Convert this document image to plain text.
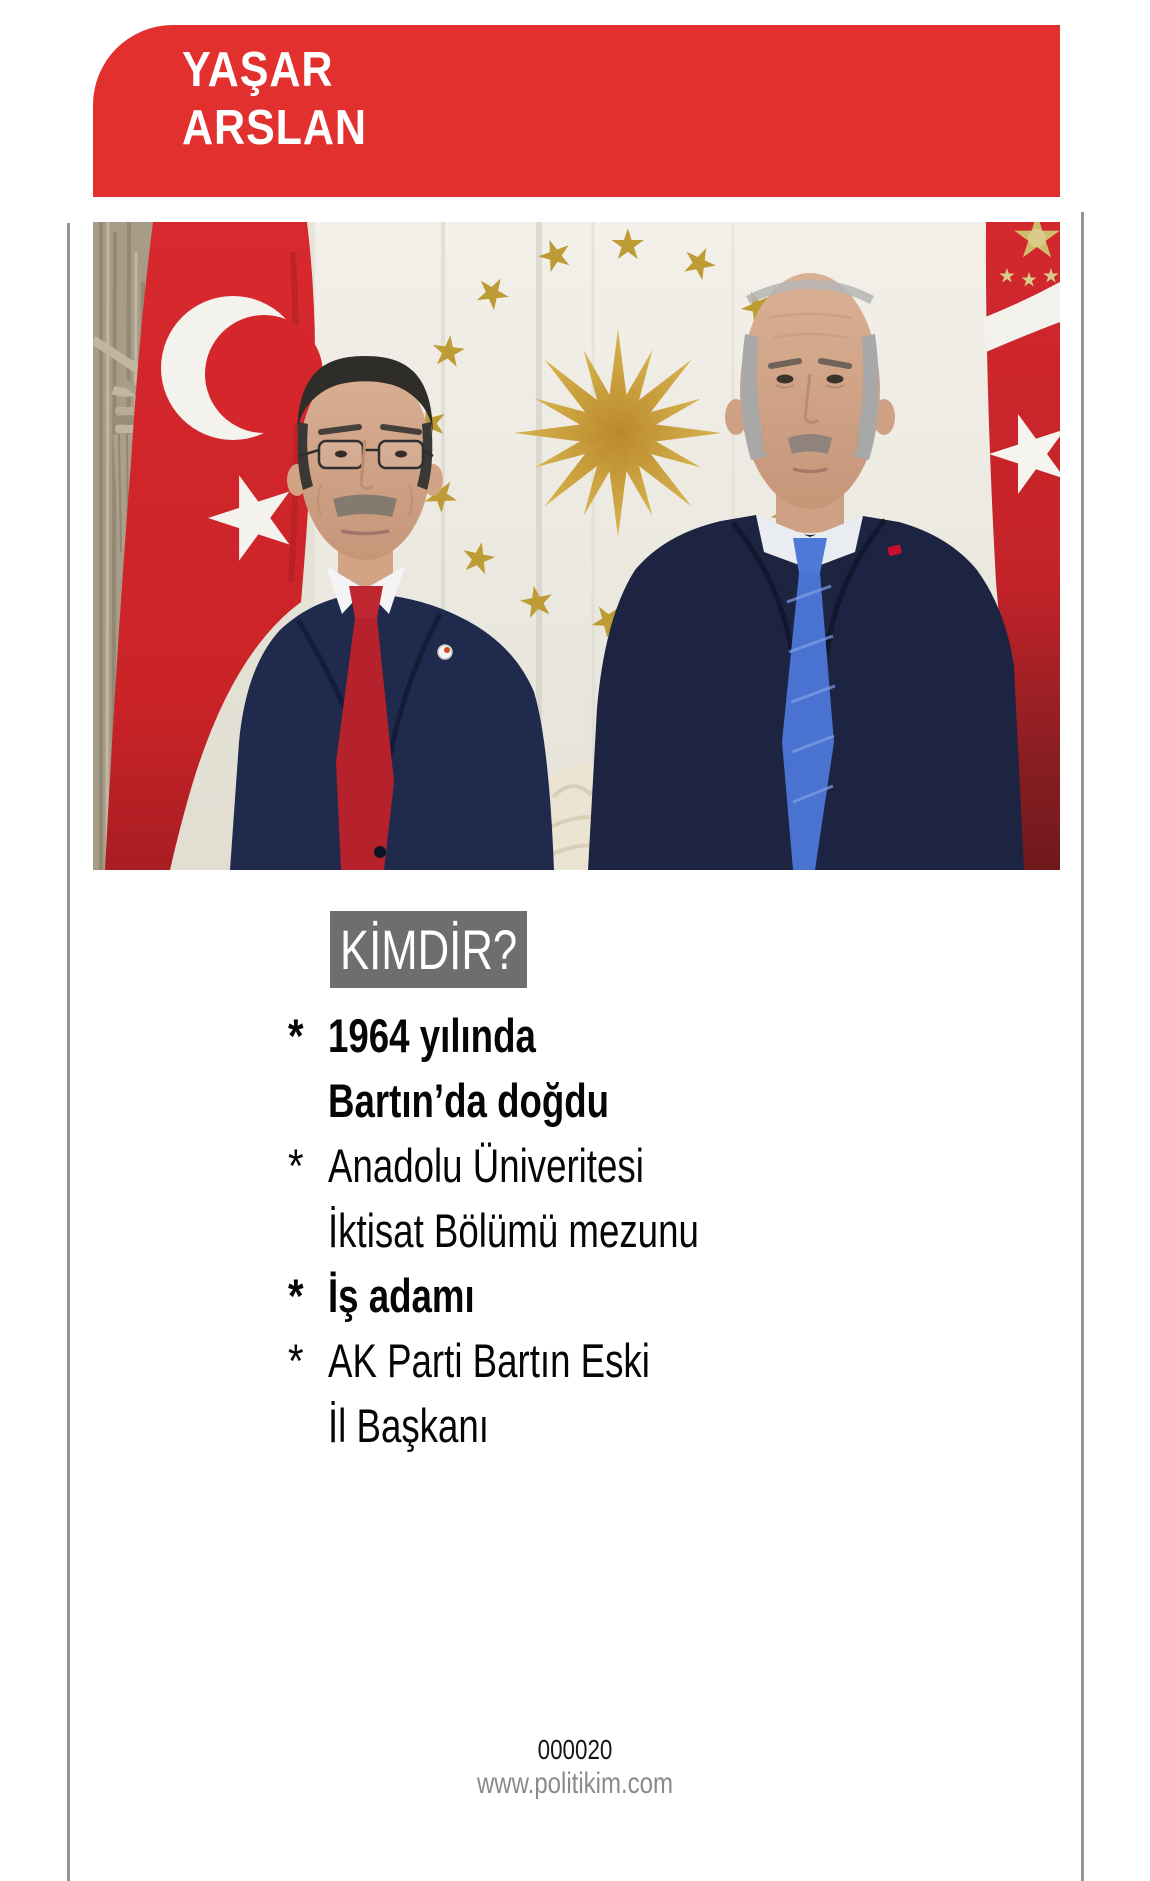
YAŞAR
ARSLAN
KİMDİR?
* 1964 yılında
Bartın’da doğdu
* Anadolu Üniveritesi
İktisat Bölümü mezunu
* İş adamı
* AK Parti Bartın Eski
İl Başkanı
000020
www.politikim.com
